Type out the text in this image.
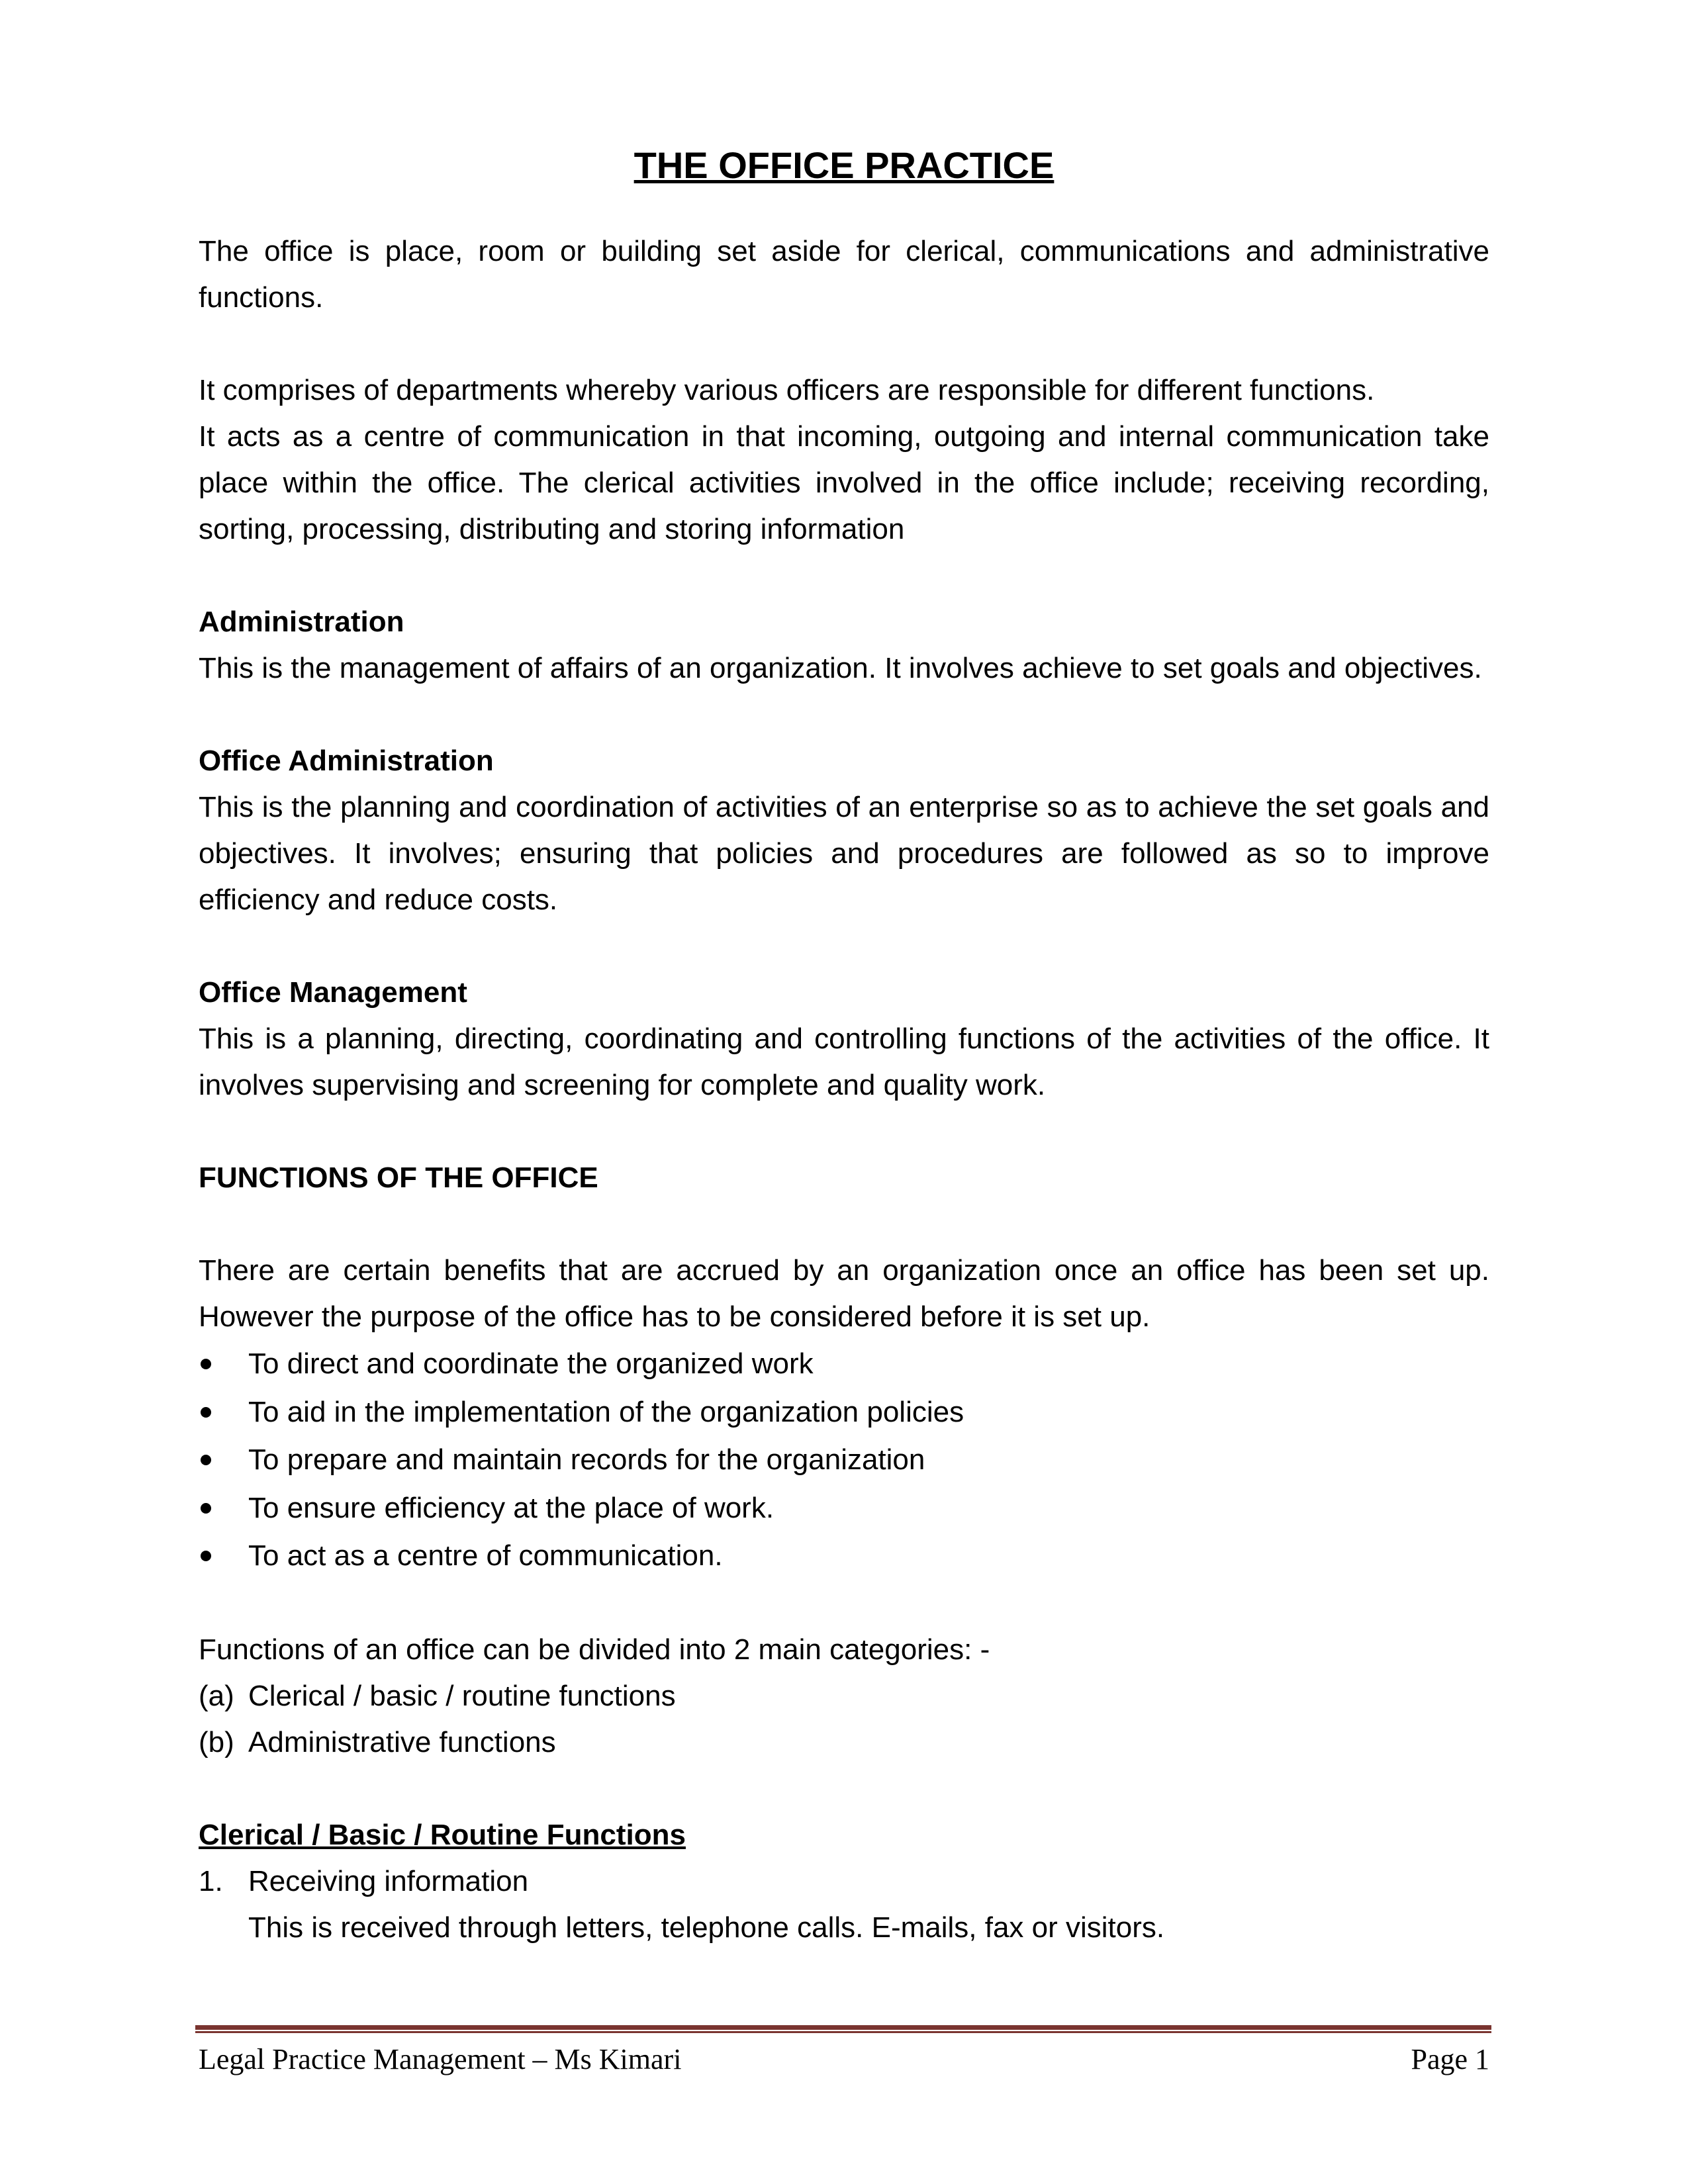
THE OFFICE PRACTICE

The office is place, room or building set aside for clerical, communications and administrative functions.

It comprises of departments whereby various officers are responsible for different functions.

It acts as a centre of communication in that incoming, outgoing and internal communication take place within the office. The clerical activities involved in the office include; receiving recording, sorting, processing, distributing and storing information

Administration
This is the management of affairs of an organization. It involves achieve to set goals and objectives.

Office Administration
This is the planning and coordination of activities of an enterprise so as to achieve the set goals and objectives. It involves; ensuring that policies and procedures are followed as so to improve efficiency and reduce costs.

Office Management
This is a planning, directing, coordinating and controlling functions of the activities of the office. It involves supervising and screening for complete and quality work.

FUNCTIONS OF THE OFFICE

There are certain benefits that are accrued by an organization once an office has been set up. However the purpose of the office has to be considered before it is set up.

To direct and coordinate the organized work
To aid in the implementation of the organization policies
To prepare and maintain records for the organization
To ensure efficiency at the place of work.
To act as a centre of communication.

Functions of an office can be divided into 2 main categories: -

(a) Clerical / basic / routine functions
(b) Administrative functions
Clerical / Basic / Routine Functions
1. Receiving information
This is received through letters, telephone calls. E-mails, fax or visitors.
Legal Practice Management – Ms Kimari	Page 1
